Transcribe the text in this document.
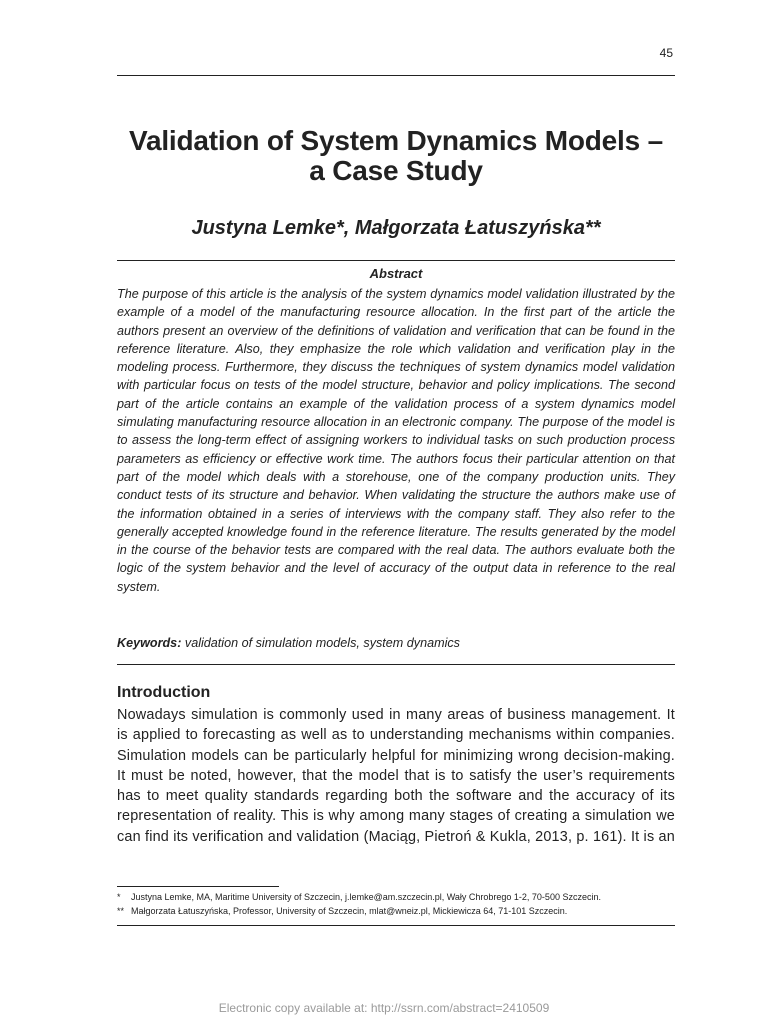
45
Validation of System Dynamics Models –
a Case Study
Justyna Lemke*, Małgorzata Łatuszyńska**
Abstract

The purpose of this article is the analysis of the system dynamics model validation illustrated by the example of a model of the manufacturing resource allocation. In the first part of the article the authors present an overview of the definitions of validation and verification that can be found in the reference literature. Also, they emphasize the role which validation and verification play in the modeling process. Furthermore, they discuss the techniques of system dynamics model validation with particular focus on tests of the model structure, behavior and policy implications. The second part of the article contains an example of the validation process of a system dynamics model simulating manufacturing resource allocation in an electronic company. The purpose of the model is to assess the long-term effect of assigning workers to individual tasks on such production process parameters as efficiency or effective work time. The authors focus their particular attention on that part of the model which deals with a storehouse, one of the company production units. They conduct tests of its structure and behavior. When validating the structure the authors make use of the information obtained in a series of interviews with the company staff. They also refer to the generally accepted knowledge found in the reference literature. The results generated by the model in the course of the behavior tests are compared with the real data. The authors evaluate both the logic of the system behavior and the level of accuracy of the output data in reference to the real system.

Keywords: validation of simulation models, system dynamics
Introduction

Nowadays simulation is commonly used in many areas of business management. It is applied to forecasting as well as to understanding mechanisms within companies. Simulation models can be particularly helpful for minimizing wrong decision-making. It must be noted, however, that the model that is to satisfy the user’s requirements has to meet quality standards regarding both the software and the accuracy of its representation of reality. This is why among many stages of creating a simulation we can find its verification and validation (Maciąg, Pietroń & Kukla, 2013, p. 161). It is an

* Justyna Lemke, MA, Maritime University of Szczecin, j.lemke@am.szczecin.pl, Wały Chrobrego 1-2, 70-500 Szczecin.
** Małgorzata Łatuszyńska, Professor, University of Szczecin, mlat@wneiz.pl, Mickiewicza 64, 71-101 Szczecin.
Electronic copy available at: http://ssrn.com/abstract=2410509
